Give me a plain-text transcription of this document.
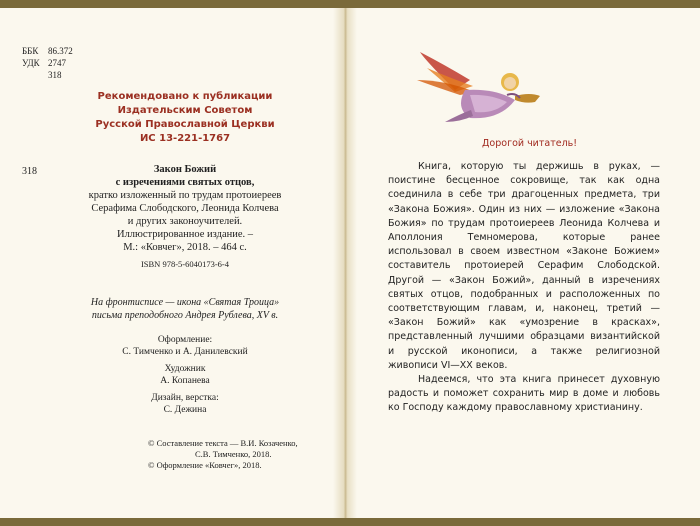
ББК 86.372
УДК 2747
318
Рекомендовано к публикации
Издательским Советом
Русской Православной Церкви
ИС 13-221-1767
318	Закон Божий
с изречениями святых отцов,
кратко изложенный по трудам протоиереев
Серафима Слободского, Леонида Колчева
и других законоучителей.
Иллюстрированное издание. –
М.: «Ковчег», 2018. – 464 с.
ISBN 978-5-6040173-6-4
На фронтисписе — икона «Святая Троица»
письма преподобного Андрея Рублева, XV в.
Оформление:
С. Тимченко и А. Данилевский
Художник
А. Копанева
Дизайн, верстка:
С. Дежина
© Составление текста — В.И. Козаченко,
С.В. Тимченко, 2018.
© Оформление «Ковчег», 2018.
Дорогой читатель!

Книга, которую ты держишь в руках, — поистине бесценное сокровище, так как одна соединила в себе три драгоценных предмета, три «Закона Божия». Один из них — изложение «Закона Божия» по трудам протоиереев Леонида Колчева и Аполлония Темномерова, которые ранее использовал в своем известном «Законе Божием» составитель протоиерей Серафим Слободской. Другой — «Закон Божий», данный в изречениях святых отцов, подобранных и расположенных по соответствующим главам, и, наконец, третий — «Закон Божий» как «умозрение в красках», представленный лучшими образцами византийской и русской иконописи, а также религиозной живописи VI—XX веков.

Надеемся, что эта книга принесет духовную радость и поможет сохранить мир в доме и любовь ко Господу каждому православному христианину.
